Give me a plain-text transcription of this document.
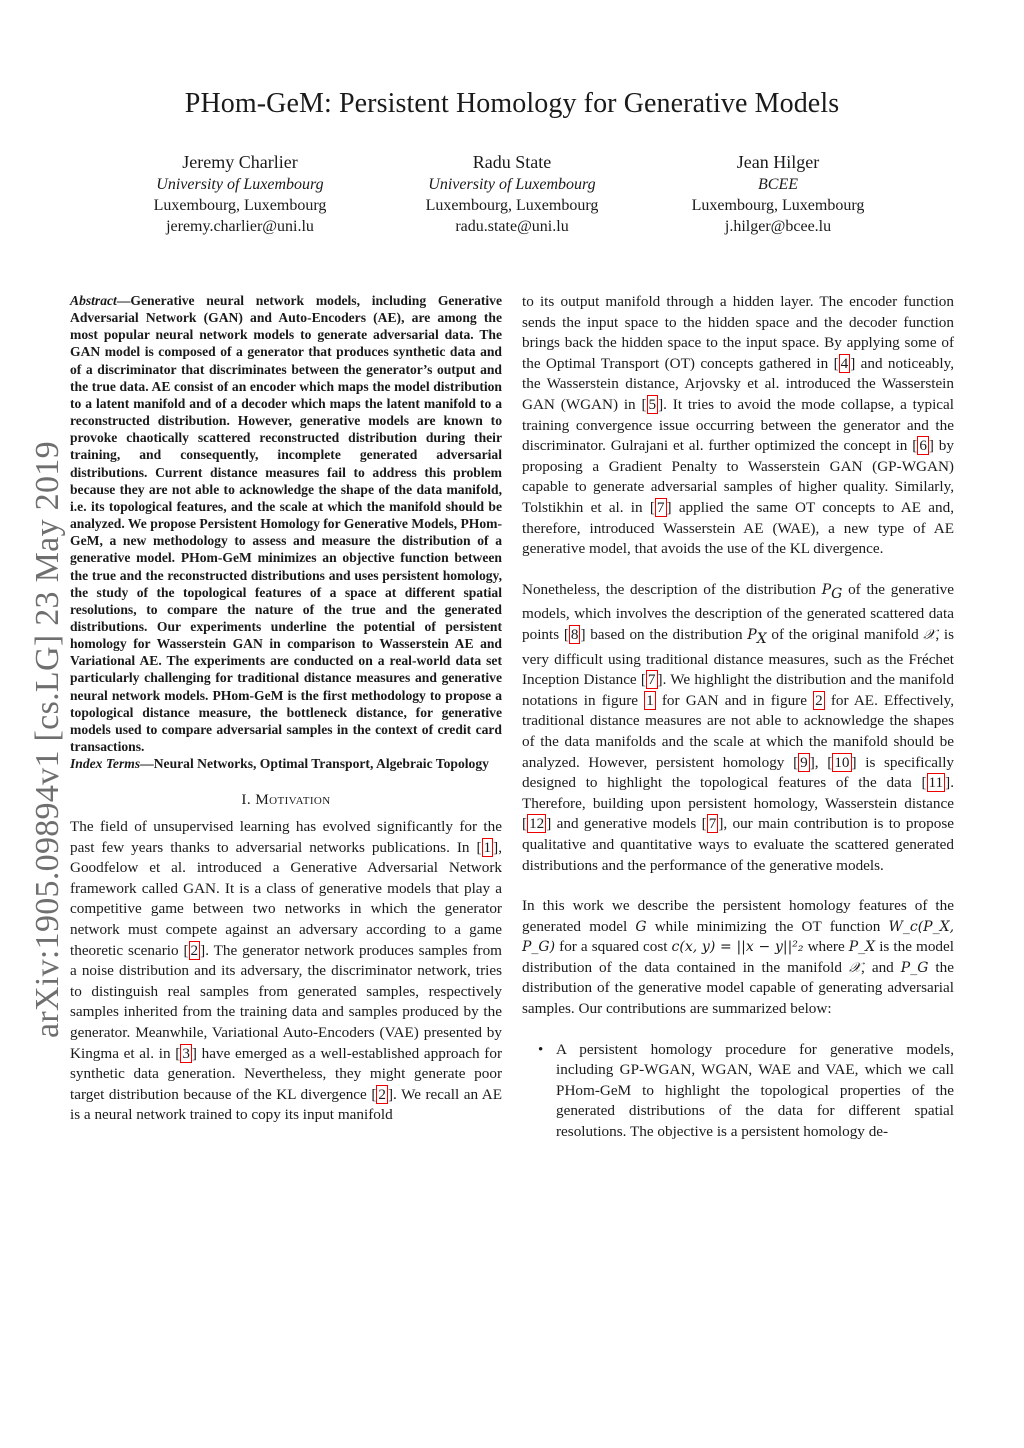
arXiv:1905.09894v1 [cs.LG] 23 May 2019
PHom-GeM: Persistent Homology for Generative Models
Jeremy Charlier
University of Luxembourg
Luxembourg, Luxembourg
jeremy.charlier@uni.lu
Radu State
University of Luxembourg
Luxembourg, Luxembourg
radu.state@uni.lu
Jean Hilger
BCEE
Luxembourg, Luxembourg
j.hilger@bcee.lu

Abstract—Generative neural network models, including Generative Adversarial Network (GAN) and Auto-Encoders (AE), are among the most popular neural network models to generate adversarial data. The GAN model is composed of a generator that produces synthetic data and of a discriminator that discriminates between the generator’s output and the true data. AE consist of an encoder which maps the model distribution to a latent manifold and of a decoder which maps the latent manifold to a reconstructed distribution. However, generative models are known to provoke chaotically scattered reconstructed distribution during their training, and consequently, incomplete generated adversarial distributions. Current distance measures fail to address this problem because they are not able to acknowledge the shape of the data manifold, i.e. its topological features, and the scale at which the manifold should be analyzed. We propose Persistent Homology for Generative Models, PHom-GeM, a new methodology to assess and measure the distribution of a generative model. PHom-GeM minimizes an objective function between the true and the reconstructed distributions and uses persistent homology, the study of the topological features of a space at different spatial resolutions, to compare the nature of the true and the generated distributions. Our experiments underline the potential of persistent homology for Wasserstein GAN in comparison to Wasserstein AE and Variational AE. The experiments are conducted on a real-world data set particularly challenging for traditional distance measures and generative neural network models. PHom-GeM is the first methodology to propose a topological distance measure, the bottleneck distance, for generative models used to compare adversarial samples in the context of credit card transactions.

Index Terms—Neural Networks, Optimal Transport, Algebraic Topology

I. Motivation

The field of unsupervised learning has evolved significantly for the past few years thanks to adversarial networks publications. In [ 1 ], Goodfelow et al. introduced a Generative Adversarial Network framework called GAN. It is a class of generative models that play a competitive game between two networks in which the generator network must compete against an adversary according to a game theoretic scenario [ 2 ]. The generator network produces samples from a noise distribution and its adversary, the discriminator network, tries to distinguish real samples from generated samples, respectively samples inherited from the training data and samples produced by the generator. Meanwhile, Variational Auto-Encoders (VAE) presented by Kingma et al. in [ 3 ] have emerged as a well-established approach for synthetic data generation. Nevertheless, they might generate poor target distribution because of the KL divergence [ 2 ]. We recall an AE is a neural network trained to copy its input manifold

to its output manifold through a hidden layer. The encoder function sends the input space to the hidden space and the decoder function brings back the hidden space to the input space. By applying some of the Optimal Transport (OT) concepts gathered in [ 4 ] and noticeably, the Wasserstein distance, Arjovsky et al. introduced the Wasserstein GAN (WGAN) in [ 5 ]. It tries to avoid the mode collapse, a typical training convergence issue occurring between the generator and the discriminator. Gulrajani et al. further optimized the concept in [ 6 ] by proposing a Gradient Penalty to Wasserstein GAN (GP-WGAN) capable to generate adversarial samples of higher quality. Similarly, Tolstikhin et al. in [ 7 ] applied the same OT concepts to AE and, therefore, introduced Wasserstein AE (WAE), a new type of AE generative model, that avoids the use of the KL divergence.

Nonetheless, the description of the distribution $P_G$ of the generative models, which involves the description of the generated scattered data points [ 8 ] based on the distribution $P_X$ of the original manifold 𝒳, is very difficult using traditional distance measures, such as the Fréchet Inception Distance [ 7 ]. We highlight the distribution and the manifold notations in figure 1 for GAN and in figure 2 for AE. Effectively, traditional distance measures are not able to acknowledge the shapes of the data manifolds and the scale at which the manifold should be analyzed. However, persistent homology [ 9 ], [ 10 ] is specifically designed to highlight the topological features of the data [ 11 ]. Therefore, building upon persistent homology, Wasserstein distance [ 12 ] and generative models [ 7 ], our main contribution is to propose qualitative and quantitative ways to evaluate the scattered generated distributions and the performance of the generative models.

In this work we describe the persistent homology features of the generated model G while minimizing the OT function W_c(P_X, P_G) for a squared cost c(x, y) = ||x − y||²₂ where P_X is the model distribution of the data contained in the manifold 𝒳, and P_G the distribution of the generative model capable of generating adversarial samples. Our contributions are summarized below:

• A persistent homology procedure for generative models, including GP-WGAN, WGAN, WAE and VAE, which we call PHom-GeM to highlight the topological properties of the generated distributions of the data for different spatial resolutions. The objective is a persistent homology de-
